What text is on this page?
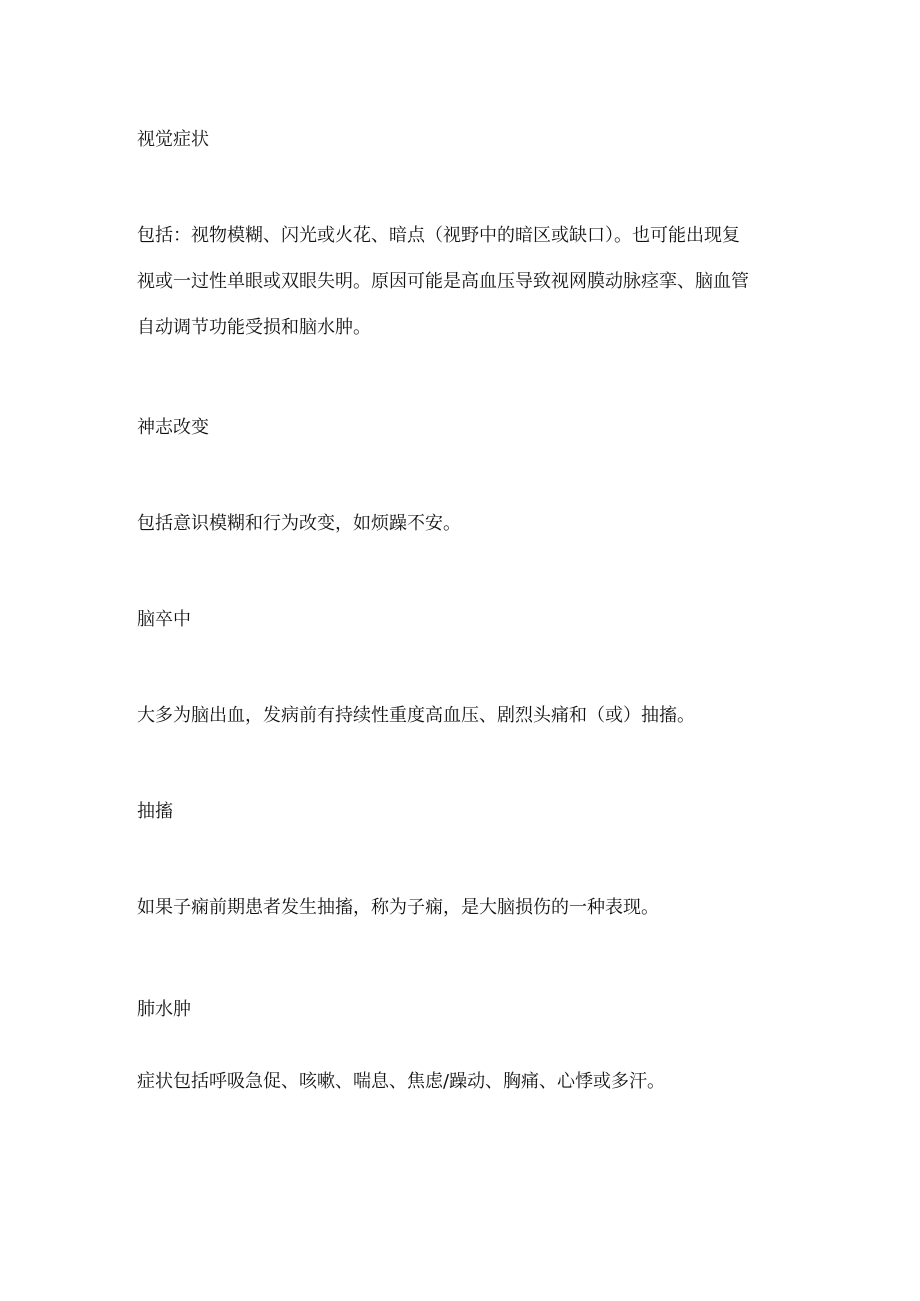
视觉症状
包括：视物模糊、闪光或火花、暗点（视野中的暗区或缺口）。也可能出现复
视或一过性单眼或双眼失明。原因可能是高血压导致视网膜动脉痉挛、脑血管
自动调节功能受损和脑水肿。
神志改变
包括意识模糊和行为改变，如烦躁不安。
脑卒中
大多为脑出血，发病前有持续性重度高血压、剧烈头痛和（或）抽搐。
抽搐
如果子痫前期患者发生抽搐，称为子痫，是大脑损伤的一种表现。
肺水肿
症状包括呼吸急促、咳嗽、喘息、焦虑/躁动、胸痛、心悸或多汗。
